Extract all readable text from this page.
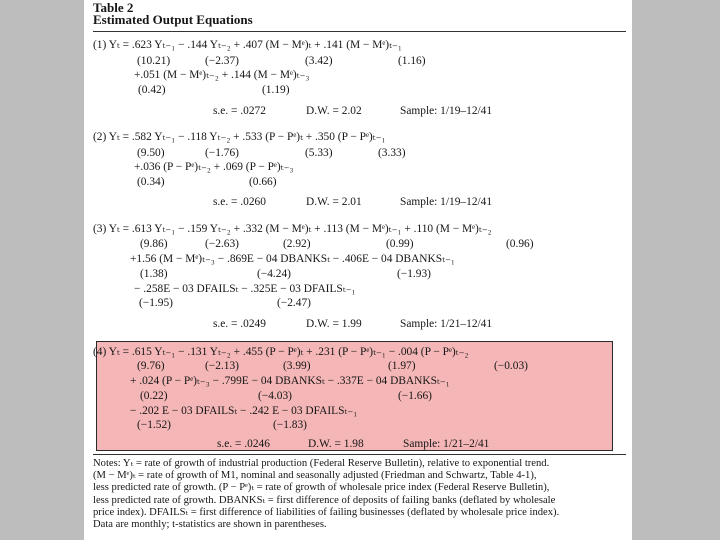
Table 2
Estimated Output Equations
(1) Yₜ = .623 Yₜ₋₁ − .144 Yₜ₋₂ + .407 (M − Mᵉ)ₜ + .141 (M − Mᵉ)ₜ₋₁
(10.21)	(−2.37)	(3.42)	(1.16)
+.051 (M − Mᵉ)ₜ₋₂ + .144 (M − Mᵉ)ₜ₋₃
(0.42)	(1.19)
s.e. = .0272	D.W. = 2.02	Sample: 1/19–12/41
(2) Yₜ = .582 Yₜ₋₁ − .118 Yₜ₋₂ + .533 (P − Pᵉ)ₜ + .350 (P − Pᵉ)ₜ₋₁
(9.50)	(−1.76)	(5.33)	(3.33)
+.036 (P − Pᵉ)ₜ₋₂ + .069 (P − Pᵉ)ₜ₋₃
(0.34)	(0.66)
s.e. = .0260	D.W. = 2.01	Sample: 1/19–12/41
(3) Yₜ = .613 Yₜ₋₁ − .159 Yₜ₋₂ + .332 (M − Mᵉ)ₜ + .113 (M − Mᵉ)ₜ₋₁ + .110 (M − Mᵉ)ₜ₋₂
(9.86)	(−2.63)	(2.92)	(0.99)	(0.96)
+1.56 (M − Mᵉ)ₜ₋₃ − .869E − 04 DBANKSₜ − .406E − 04 DBANKSₜ₋₁
(1.38)	(−4.24)	(−1.93)
− .258E − 03 DFAILSₜ − .325E − 03 DFAILSₜ₋₁
(−1.95)	(−2.47)
s.e. = .0249	D.W. = 1.99	Sample: 1/21–12/41
(4) Yₜ = .615 Yₜ₋₁ − .131 Yₜ₋₂ + .455 (P − Pᵉ)ₜ + .231 (P − Pᵉ)ₜ₋₁ − .004 (P − Pᵉ)ₜ₋₂
(9.76)	(−2.13)	(3.99)	(1.97)	(−0.03)
+ .024 (P − Pᵉ)ₜ₋₃ − .799E − 04 DBANKSₜ − .337E − 04 DBANKSₜ₋₁
(0.22)	(−4.03)	(−1.66)
− .202 E − 03 DFAILSₜ − .242 E − 03 DFAILSₜ₋₁
(−1.52)	(−1.83)
s.e. = .0246	D.W. = 1.98	Sample: 1/21–2/41
Notes: Yₜ = rate of growth of industrial production (Federal Reserve Bulletin), relative to exponential trend.
(M − Mᵉ)ₜ = rate of growth of M1, nominal and seasonally adjusted (Friedman and Schwartz, Table 4-1),
less predicted rate of growth. (P − Pᵉ)ₜ = rate of growth of wholesale price index (Federal Reserve Bulletin),
less predicted rate of growth. DBANKSₜ = first difference of deposits of failing banks (deflated by wholesale
price index). DFAILSₜ = first difference of liabilities of failing businesses (deflated by wholesale price index).
Data are monthly; t-statistics are shown in parentheses.
